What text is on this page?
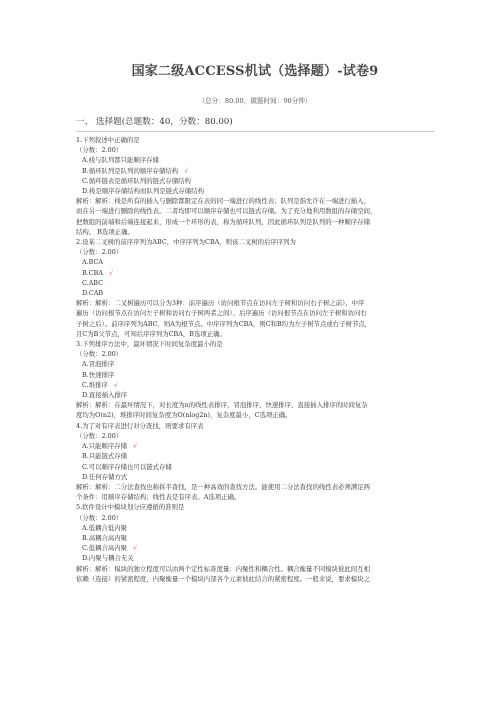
国家二级ACCESS机试（选择题）-试卷9
（总分：80.00，做题时间：90分钟）
一、 选择题(总题数：40，分数：80.00)
1.下列叙述中正确的是
（分数：2.00）
A.栈与队列都只能顺序存储
B.循环队列是队列的顺序存储结构 √
C.循环链表是循环队列的链式存储结构
D.栈是顺序存储结构而队列是链式存储结构
解析：解析：栈是所有的插入与删除都限定在表的同一端进行的线性表；队列是指允许在一端进行插入，
而在另一端进行删除的线性表。二者均即可以顺序存储也可以链式存储。为了充分地利用数组的存储空间，
把数组的前端和后端连接起来，形成一个环形的表，称为循环队列，因此循环队列是队列的一种顺序存储
结构。 B选项正确。
2.设某二叉树的前序序列为ABC，中序序列为CBA，则该二叉树的后序序列为
（分数：2.00）
A.BCA
B.CBA √
C.ABC
D.CAB
解析：解析：二叉树遍历可以分为3种：前序遍历（访问根节点在访问左子树和访问右子树之前）、中序
遍历（访问根节点在访问左子树和访问右子树两者之间）、后序遍历（访问根节点在访问左子树和访问右
子树之后）。前序序列为ABC，则A为根节点。中序序列为CBA，则C和B均为左子树节点或右子树节点，
且C为B父节点，可知后序序列为CBA，B选项正确。
3.下列排序方法中，最坏情况下时间复杂度最小的是
（分数：2.00）
A.冒泡排序
B.快速排序
C.堆排序 √
D.直接插入排序
解析：解析：在最坏情况下，对长度为n的线性表排序，冒泡排序、快速排序、直接插入排序的时间复杂
度均为O(n2)，堆排序时间复杂度为O(nlog2n)，复杂度最小，C选项正确。
4.为了对有序表进行对分查找，则要求有序表
（分数：2.00）
A.只能顺序存储 √
B.只能链式存储
C.可以顺序存储也可以链式存储
D.任何存储方式
解析：解析：二分法查找也称拆半查找，是一种高效的查找方法。能使用二分法查找的线性表必须满足两
个条件：用顺序存储结构；线性表是有序表。A选项正确。
5.软件设计中模块划分应遵循的准则是
（分数：2.00）
A.低耦合低内聚
B.高耦合高内聚
C.低耦合高内聚 √
D.内聚与耦合无关
解析：解析：模块的独立程度可以由两个定性标准度量：内聚性和耦合性。耦合衡量不同模块彼此间互相
依赖（连接）的紧密程度，内聚衡量一个模块内部各个元素彼此结合的紧密程度。一般来说，要求模块之
